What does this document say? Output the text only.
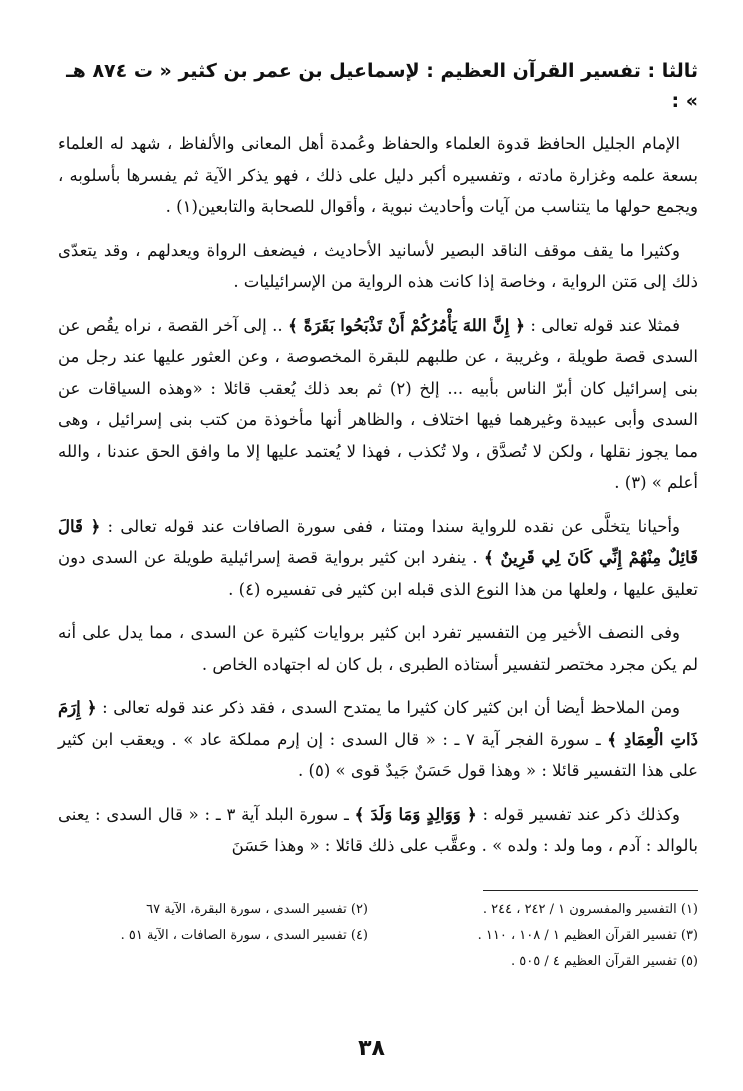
ثالثا : تفسير القرآن العظيم : لإسماعيل بن عمر بن كثير « ت ٨٧٤ هـ » :
الإمام الجليل الحافظ قدوة العلماء والحفاظ وعُمدة أهل المعانى والألفاظ ، شهد له العلماء بسعة علمه وغزارة مادته ، وتفسيره أكبر دليل على ذلك ، فهو يذكر الآية ثم يفسرها بأسلوبه ، ويجمع حولها ما يتناسب من آيات وأحاديث نبوية ، وأقوال للصحابة والتابعين(١) .
وكثيرا ما يقف موقف الناقد البصير لأسانيد الأحاديث ، فيضعف الرواة ويعدلهم ، وقد يتعدّى ذلك إلى مَتن الرواية ، وخاصة إذا كانت هذه الرواية من الإسرائيليات .
فمثلا عند قوله تعالى : ﴿ إِنَّ اللهَ يَأْمُرُكُمْ أَنْ تَذْبَحُوا بَقَرَةً ﴾ .. إلى آخر القصة ، نراه يقُص عن السدى قصة طويلة ، وغريبة ، عن طلبهم للبقرة المخصوصة ، وعن العثور عليها عند رجل من بنى إسرائيل كان أبرّ الناس بأبيه ... إلخ (٢) ثم بعد ذلك يُعقب قائلا : «وهذه السياقات عن السدى وأبى عبيدة وغيرهما فيها اختلاف ، والظاهر أنها مأخوذة من كتب بنى إسرائيل ، وهى مما يجوز نقلها ، ولكن لا تُصدَّق ، ولا تُكذب ، فهذا لا يُعتمد عليها إلا ما وافق الحق عندنا ، والله أعلم » (٣) .
وأحيانا يتخلَّى عن نقده للرواية سندا ومتنا ، ففى سورة الصافات عند قوله تعالى : ﴿ قَالَ قَائِلٌ مِنْهُمْ إِنِّي كَانَ لِي قَرِينٌ ﴾ . ينفرد ابن كثير برواية قصة إسرائيلية طويلة عن السدى دون تعليق عليها ، ولعلها من هذا النوع الذى قبله ابن كثير فى تفسيره (٤) .
وفى النصف الأخير مِن التفسير تفرد ابن كثير بروايات كثيرة عن السدى ، مما يدل على أنه لم يكن مجرد مختصر لتفسير أستاذه الطبرى ، بل كان له اجتهاده الخاص .
ومن الملاحظ أيضا أن ابن كثير كان كثيرا ما يمتدح السدى ، فقد ذكر عند قوله تعالى : ﴿ إِرَمَ ذَاتِ الْعِمَادِ ﴾ ـ سورة الفجر آية ٧ ـ : « قال السدى : إن إرم مملكة عاد » . ويعقب ابن كثير على هذا التفسير قائلا : « وهذا قول حَسَنٌ جَيدٌ قوى » (٥) .
وكذلك ذكر عند تفسير قوله : ﴿ وَوَالِدٍ وَمَا وَلَدَ ﴾ ـ سورة البلد آية ٣ ـ : « قال السدى : يعنى بالوالد : آدم ، وما ولد : ولده » . وعقَّب على ذلك قائلا : « وهذا حَسَنَ
(١) التفسير والمفسرون ١ / ٢٤٢ ، ٢٤٤ .
(٢) تفسير السدى ، سورة البقرة، الآية ٦٧
(٣) تفسير القرآن العظيم ١ / ١٠٨ ، ١١٠ .
(٤) تفسير السدى ، سورة الصافات ، الآية ٥١ .
(٥) تفسير القرآن العظيم ٤ / ٥٠٥ .
٣٨
